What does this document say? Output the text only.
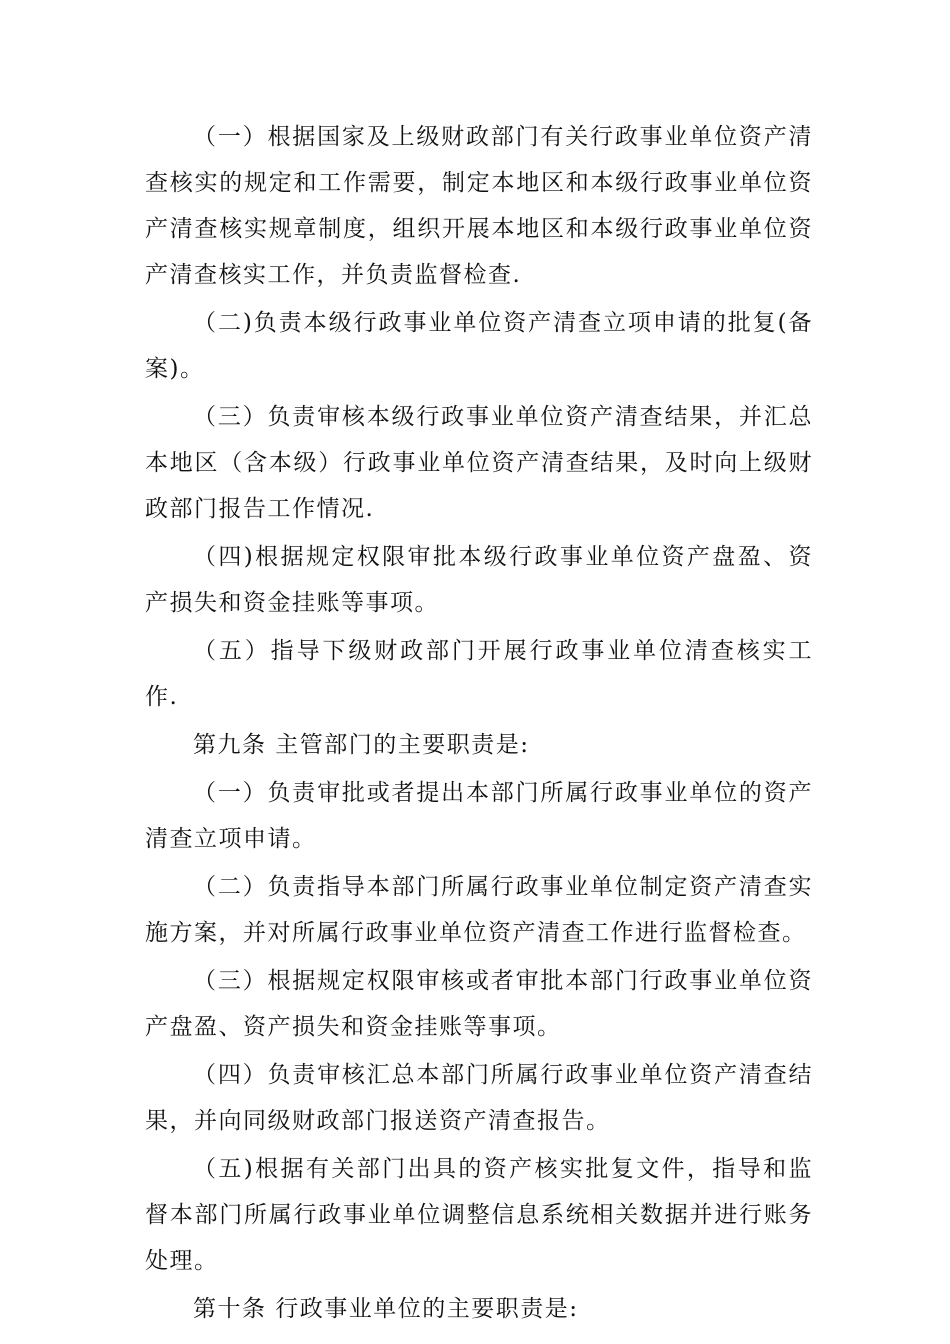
（一）根据国家及上级财政部门有关行政事业单位资产清查核实的规定和工作需要，制定本地区和本级行政事业单位资产清查核实规章制度，组织开展本地区和本级行政事业单位资产清查核实工作，并负责监督检查.

（二)负责本级行政事业单位资产清查立项申请的批复(备案)。

（三）负责审核本级行政事业单位资产清查结果，并汇总本地区（含本级）行政事业单位资产清查结果，及时向上级财政部门报告工作情况.

（四)根据规定权限审批本级行政事业单位资产盘盈、资产损失和资金挂账等事项。

（五）指导下级财政部门开展行政事业单位清查核实工作.

第九条 主管部门的主要职责是:

（一）负责审批或者提出本部门所属行政事业单位的资产清查立项申请。

（二）负责指导本部门所属行政事业单位制定资产清查实施方案，并对所属行政事业单位资产清查工作进行监督检查。

（三）根据规定权限审核或者审批本部门行政事业单位资产盘盈、资产损失和资金挂账等事项。

（四）负责审核汇总本部门所属行政事业单位资产清查结果，并向同级财政部门报送资产清查报告。

（五)根据有关部门出具的资产核实批复文件，指导和监督本部门所属行政事业单位调整信息系统相关数据并进行账务处理。

第十条 行政事业单位的主要职责是:
